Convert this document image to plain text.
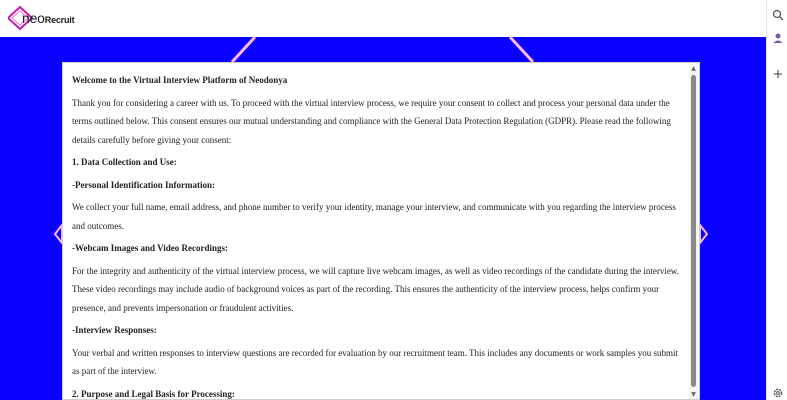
neoRecruit

Welcome to the Virtual Interview Platform of Neodonya

Thank you for considering a career with us. To proceed with the virtual interview process, we require your consent to collect and process your personal data under the terms outlined below. This consent ensures our mutual understanding and compliance with the General Data Protection Regulation (GDPR). Please read the following details carefully before giving your consent:

1. Data Collection and Use:

-Personal Identification Information:

We collect your full name, email address, and phone number to verify your identity, manage your interview, and communicate with you regarding the interview process and outcomes.

-Webcam Images and Video Recordings:

For the integrity and authenticity of the virtual interview process, we will capture live webcam images, as well as video recordings of the candidate during the interview. These video recordings may include audio of background voices as part of the recording. This ensures the authenticity of the interview process, helps confirm your presence, and prevents impersonation or fraudulent activities.

-Interview Responses:

Your verbal and written responses to interview questions are recorded for evaluation by our recruitment team. This includes any documents or work samples you submit as part of the interview.

2. Purpose and Legal Basis for Processing:

▲
▼
